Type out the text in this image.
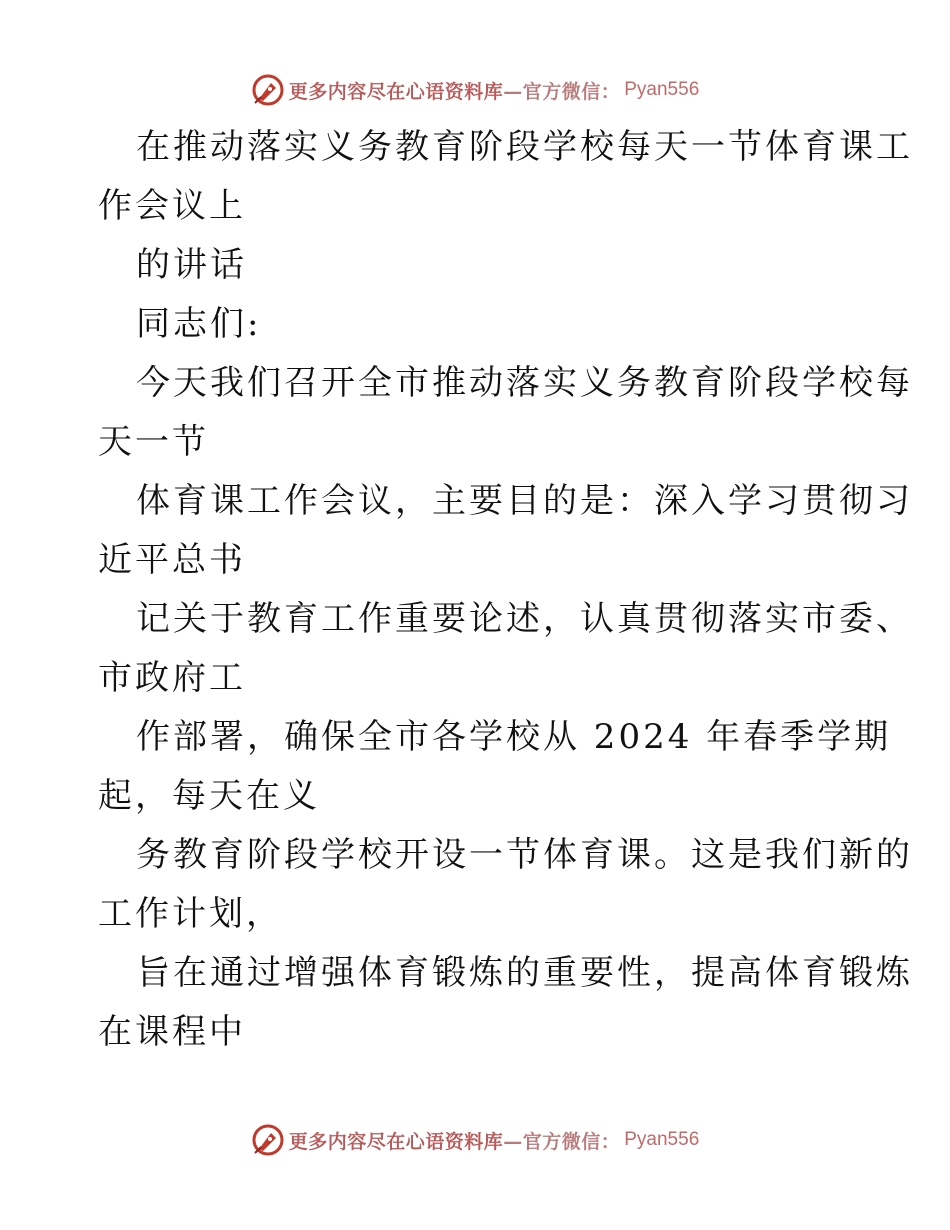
更多内容尽在心语资料库—官方微信： Pyan556
在推动落实义务教育阶段学校每天一节体育课工
作会议上
的讲话
同志们:
今天我们召开全市推动落实义务教育阶段学校每
天一节
体育课工作会议，主要目的是：深入学习贯彻习
近平总书
记关于教育工作重要论述，认真贯彻落实市委、
市政府工
作部署，确保全市各学校从 2024 年春季学期
起，每天在义
务教育阶段学校开设一节体育课。这是我们新的
工作计划，
旨在通过增强体育锻炼的重要性，提高体育锻炼
在课程中
更多内容尽在心语资料库—官方微信： Pyan556
